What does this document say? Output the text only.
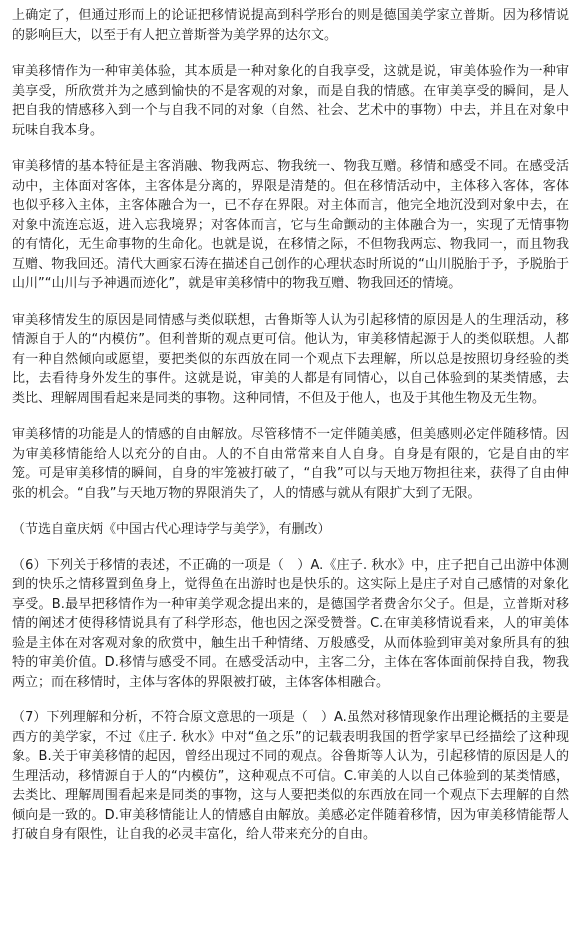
上确定了，但通过形而上的论证把移情说提高到科学形台的则是德国美学家立普斯。因为移情说的影响巨大，以至于有人把立普斯誉为美学界的达尔文。

审美移情作为一种审美体验，其本质是一种对象化的自我享受，这就是说，审美体验作为一种审美享受，所欣赏并为之感到愉快的不是客观的对象，而是自我的情感。在审美享受的瞬间，是人把自我的情感移入到一个与自我不同的对象（自然、社会、艺术中的事物）中去，并且在对象中玩味自我本身。

审美移情的基本特征是主客消融、物我两忘、物我统一、物我互赠。移情和感受不同。在感受活动中，主体面对客体，主客体是分离的，界限是清楚的。但在移情活动中，主体移入客体，客体也似乎移入主体，主客体融合为一，已不存在界限。对主体而言，他完全地沉没到对象中去，在对象中流连忘返，进入忘我境界；对客体而言，它与生命颤动的主体融合为一，实现了无情事物的有情化，无生命事物的生命化。也就是说，在移情之际，不但物我两忘、物我同一，而且物我互赠、物我回还。清代大画家石涛在描述自己创作的心理状态时所说的“山川脱胎于予，予脱胎于山川”“山川与予神遇而迹化”，就是审美移情中的物我互赠、物我回还的情境。

审美移情发生的原因是同情感与类似联想，古鲁斯等人认为引起移情的原因是人的生理活动，移情源自于人的“内模仿”。但利普斯的观点更可信。他认为，审美移情起源于人的类似联想。人都有一种自然倾向或愿望，要把类似的东西放在同一个观点下去理解，所以总是按照切身经验的类比，去看待身外发生的事件。这就是说，审美的人都是有同情心，以自己体验到的某类情感，去类比、理解周围看起来是同类的事物。这种同情，不但及于他人，也及于其他生物及无生物。

审美移情的功能是人的情感的自由解放。尽管移情不一定伴随美感，但美感则必定伴随移情。因为审美移情能给人以充分的自由。人的不自由常常来自人自身。自身是有限的，它是自由的牢笼。可是审美移情的瞬间，自身的牢笼被打破了，“自我”可以与天地万物担往来，获得了自由伸张的机会。“自我”与天地万物的界限消失了，人的情感与就从有限扩大到了无限。

（节选自童庆炳《中国古代心理诗学与美学》，有删改）

（6）下列关于移情的表述，不正确的一项是（　）A.《庄子. 秋水》中，庄子把自己出游中体测到的快乐之情移置到鱼身上，觉得鱼在出游时也是快乐的。这实际上是庄子对自己感情的对象化享受。B.最早把移情作为一种审美学观念提出来的，是德国学者费舍尔父子。但是，立普斯对移情的阐述才使得移情说具有了科学形态，他也因之深受赞誉。C.在审美移情说看来，人的审美体验是主体在对客观对象的欣赏中，触生出千种情绪、万般感受，从而体验到审美对象所具有的独特的审美价值。D.移情与感受不同。在感受活动中，主客二分，主体在客体面前保持自我，物我两立；而在移情时，主体与客体的界限被打破，主体客体相融合。

（7）下列理解和分析，不符合原文意思的一项是（　）A.虽然对移情现象作出理论概括的主要是西方的美学家，不过《庄子. 秋水》中对“鱼之乐”的记载表明我国的哲学家早已经描绘了这种现象。B.关于审美移情的起因，曾经出现过不同的观点。谷鲁斯等人认为，引起移情的原因是人的生理活动，移情源自于人的“内模仿”，这种观点不可信。C.审美的人以自己体验到的某类情感，去类比、理解周围看起来是同类的事物，这与人要把类似的东西放在同一个观点下去理解的自然倾向是一致的。D.审美移情能让人的情感自由解放。美感必定伴随着移情，因为审美移情能帮人打破自身有限性，让自我的必灵丰富化，给人带来充分的自由。
